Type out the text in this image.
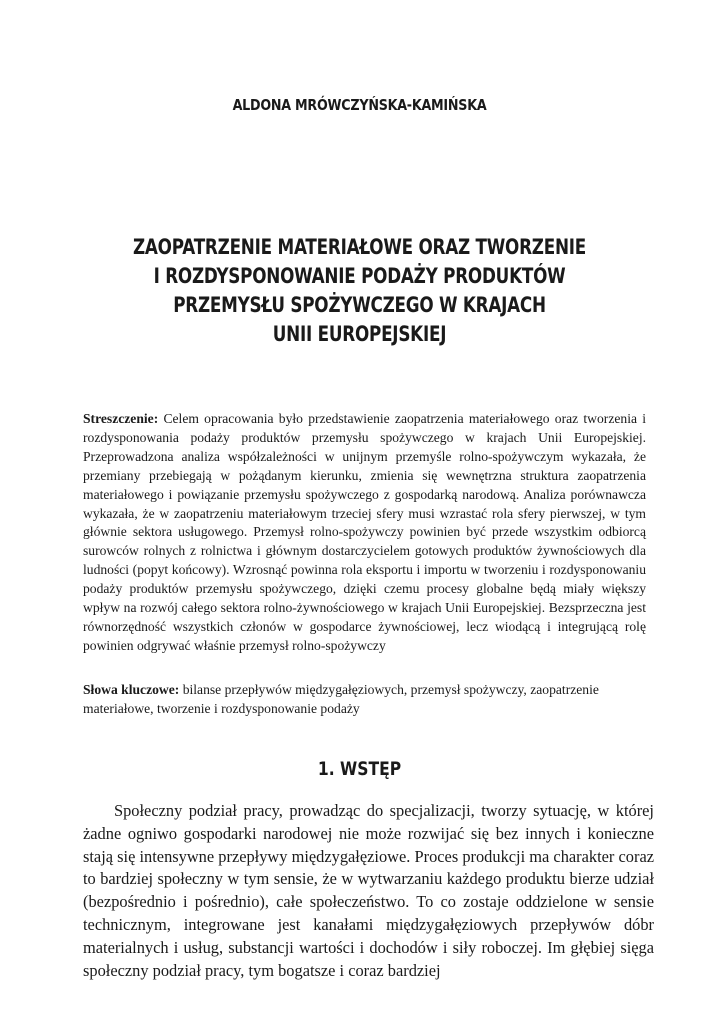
ALDONA MRÓWCZYŃSKA-KAMIŃSKA
ZAOPATRZENIE MATERIAŁOWE ORAZ TWORZENIE
I ROZDYSPONOWANIE PODAŻY PRODUKTÓW
PRZEMYSŁU SPOŻYWCZEGO W KRAJACH
UNII EUROPEJSKIEJ
Streszczenie: Celem opracowania było przedstawienie zaopatrzenia materiałowego oraz tworzenia i rozdysponowania podaży produktów przemysłu spożywczego w krajach Unii Europejskiej. Przeprowadzona analiza współzależności w unijnym przemyśle rolno-spożywczym wykazała, że przemiany przebiegają w pożądanym kierunku, zmienia się wewnętrzna struktura zaopatrzenia materiałowego i powiązanie przemysłu spożywczego z gospodarką narodową. Analiza porównawcza wykazała, że w zaopatrzeniu materiałowym trzeciej sfery musi wzrastać rola sfery pierwszej, w tym głównie sektora usługowego. Przemysł rolno-spożywczy powinien być przede wszystkim odbiorcą surowców rolnych z rolnictwa i głównym dostarczycielem gotowych produktów żywnościowych dla ludności (popyt końcowy). Wzrosnąć powinna rola eksportu i importu w tworzeniu i rozdysponowaniu podaży produktów przemysłu spożywczego, dzięki czemu procesy globalne będą miały większy wpływ na rozwój całego sektora rolno-żywnościowego w krajach Unii Europejskiej. Bezsprzeczna jest równorzędność wszystkich członów w gospodarce żywnościowej, lecz wiodącą i integrującą rolę powinien odgrywać właśnie przemysł rolno-spożywczy
Słowa kluczowe: bilanse przepływów międzygałęziowych, przemysł spożywczy, zaopatrzenie materiałowe, tworzenie i rozdysponowanie podaży
1. WSTĘP

Społeczny podział pracy, prowadząc do specjalizacji, tworzy sytuację, w której żadne ogniwo gospodarki narodowej nie może rozwijać się bez innych i konieczne stają się intensywne przepływy międzygałęziowe. Proces produkcji ma charakter coraz to bardziej społeczny w tym sensie, że w wytwarzaniu każdego produktu bierze udział (bezpośrednio i pośrednio), całe społeczeństwo. To co zostaje oddzielone w sensie technicznym, integrowane jest kanałami międzygałęziowych przepływów dóbr materialnych i usług, substancji wartości i dochodów i siły roboczej. Im głębiej sięga społeczny podział pracy, tym bogatsze i coraz bardziej
